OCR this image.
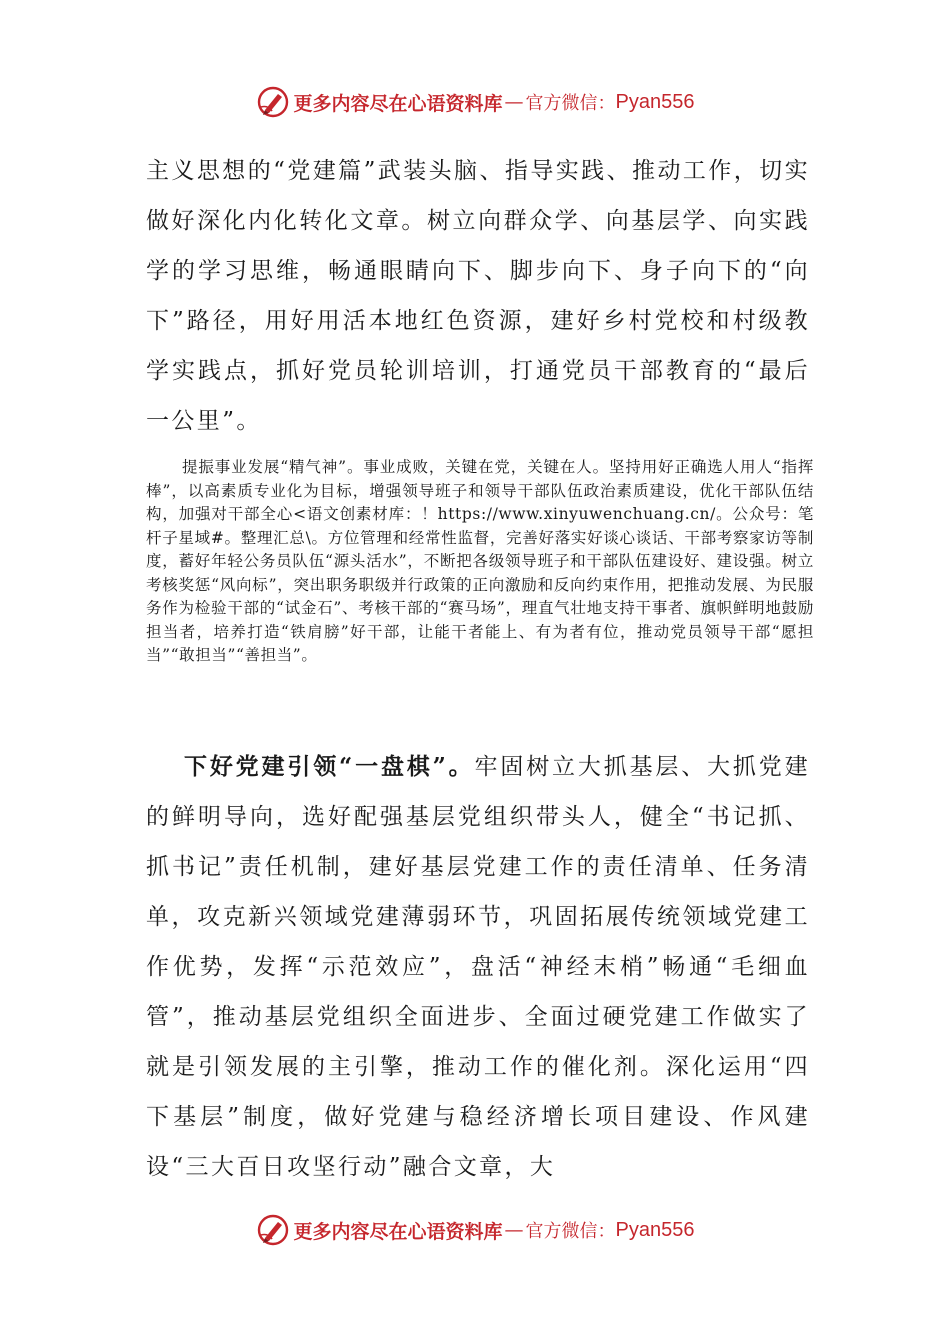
更多内容尽在心语资料库 — 官方微信： Pyan556

主义思想的“党建篇”武装头脑、指导实践、推动工作，切实做好深化内化转化文章。树立向群众学、向基层学、向实践学的学习思维，畅通眼睛向下、脚步向下、身子向下的“向下”路径，用好用活本地红色资源，建好乡村党校和村级教学实践点，抓好党员轮训培训，打通党员干部教育的“最后一公里”。

提振事业发展“精气神”。事业成败，关键在党，关键在人。坚持用好正确选人用人“指挥棒”，以高素质专业化为目标，增强领导班子和领导干部队伍政治素质建设，优化干部队伍结构，加强对干部全心<语文创素材库：！https://www.xinyuwenchuang.cn/。公众号：笔杆子星域#。整理汇总\。方位管理和经常性监督，完善好落实好谈心谈话、干部考察家访等制度，蓄好年轻公务员队伍“源头活水”，不断把各级领导班子和干部队伍建设好、建设强。树立考核奖惩“风向标”，突出职务职级并行政策的正向激励和反向约束作用，把推动发展、为民服务作为检验干部的“试金石”、考核干部的“赛马场”，理直气壮地支持干事者、旗帜鲜明地鼓励担当者，培养打造“铁肩膀”好干部，让能干者能上、有为者有位，推动党员领导干部“愿担当”“敢担当”“善担当”。

下好党建引领“一盘棋”。牢固树立大抓基层、大抓党建的鲜明导向，选好配强基层党组织带头人，健全“书记抓、抓书记”责任机制，建好基层党建工作的责任清单、任务清单，攻克新兴领域党建薄弱环节，巩固拓展传统领域党建工作优势，发挥“示范效应”，盘活“神经末梢”畅通“毛细血管”，推动基层党组织全面进步、全面过硬党建工作做实了就是引领发展的主引擎，推动工作的催化剂。深化运用“四下基层”制度，做好党建与稳经济增长项目建设、作风建设“三大百日攻坚行动”融合文章，大

更多内容尽在心语资料库 — 官方微信： Pyan556
